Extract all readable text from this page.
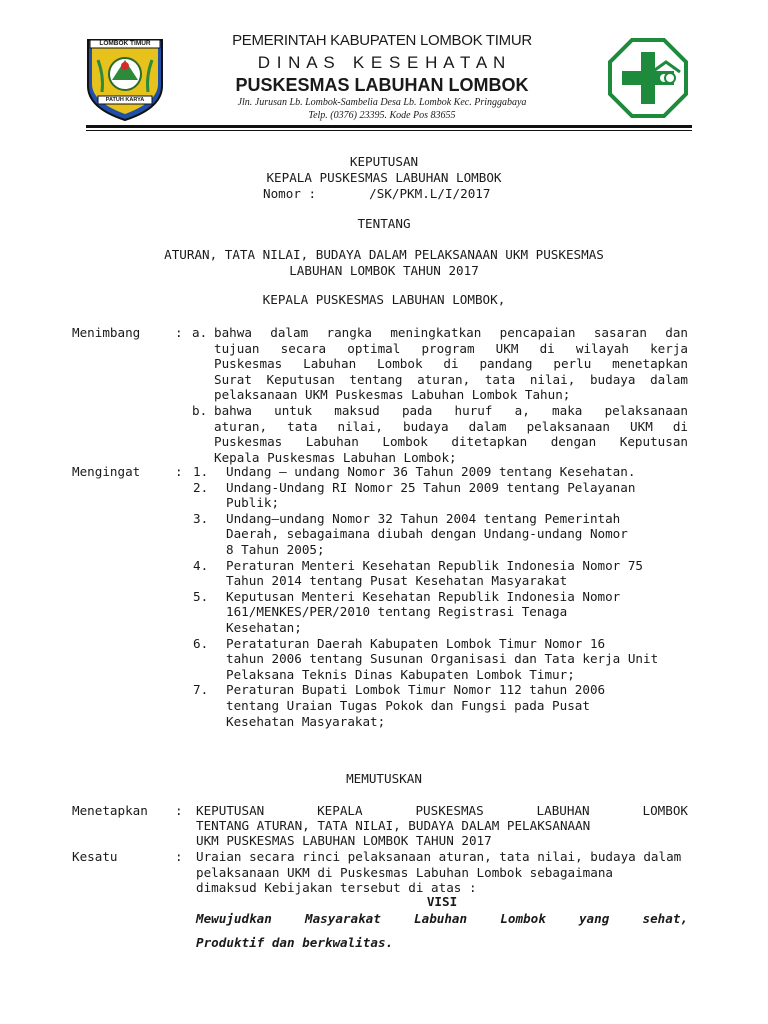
LOMBOK TIMUR
PATUH KARYA
PEMERINTAH KABUPATEN LOMBOK TIMUR
D I N A S   K E S E H A T A N
PUSKESMAS LABUHAN LOMBOK
Jln. Jurusan Lb. Lombok-Sambelia Desa Lb. Lombok Kec. Pringgabaya
Telp. (0376) 23395. Kode Pos 83655
KEPUTUSAN
KEPALA PUSKESMAS LABUHAN LOMBOK
Nomor :       /SK/PKM.L/I/2017
TENTANG
ATURAN, TATA NILAI, BUDAYA DALAM PELAKSANAAN UKM PUSKESMAS
LABUHAN LOMBOK TAHUN 2017
KEPALA PUSKESMAS LABUHAN LOMBOK,
Menimbang	: a. bahwa dalam rangka meningkatkan pencapaian sasaran dan
tujuan secara optimal program UKM di wilayah kerja
Puskesmas Labuhan Lombok di pandang perlu menetapkan
Surat Keputusan tentang aturan, tata nilai, budaya dalam
pelaksanaan UKM Puskesmas Labuhan Lombok Tahun;
b. bahwa untuk maksud pada huruf a, maka pelaksanaan
aturan, tata nilai, budaya dalam pelaksanaan UKM di
Puskesmas Labuhan Lombok ditetapkan dengan Keputusan
Kepala Puskesmas Labuhan Lombok;
Mengingat	: 1. Undang – undang Nomor 36 Tahun 2009 tentang Kesehatan.
2. Undang-Undang RI Nomor 25 Tahun 2009 tentang Pelayanan
Publik;
3. Undang–undang Nomor 32 Tahun 2004 tentang Pemerintah
Daerah, sebagaimana diubah dengan Undang-undang Nomor
8 Tahun 2005;
4. Peraturan Menteri Kesehatan Republik Indonesia Nomor 75
Tahun 2014 tentang Pusat Kesehatan Masyarakat
5. Keputusan Menteri Kesehatan Republik Indonesia Nomor
161/MENKES/PER/2010 tentang Registrasi Tenaga
Kesehatan;
6. Perataturan Daerah Kabupaten Lombok Timur Nomor 16
tahun 2006 tentang Susunan Organisasi dan Tata kerja Unit
Pelaksana Teknis Dinas Kabupaten Lombok Timur;
7. Peraturan Bupati Lombok Timur Nomor 112 tahun 2006
tentang Uraian Tugas Pokok dan Fungsi pada Pusat
Kesehatan Masyarakat;
MEMUTUSKAN
Menetapkan : KEPUTUSAN KEPALA PUSKESMAS LABUHAN LOMBOK
TENTANG ATURAN, TATA NILAI, BUDAYA DALAM PELAKSANAAN
UKM PUSKESMAS LABUHAN LOMBOK TAHUN 2017
Kesatu	: Uraian secara rinci pelaksanaan aturan, tata nilai, budaya dalam
pelaksanaan UKM di Puskesmas Labuhan Lombok sebagaimana
dimaksud Kebijakan tersebut di atas :
VISI
Mewujudkan Masyarakat Labuhan Lombok yang sehat,
Produktif dan berkwalitas.
